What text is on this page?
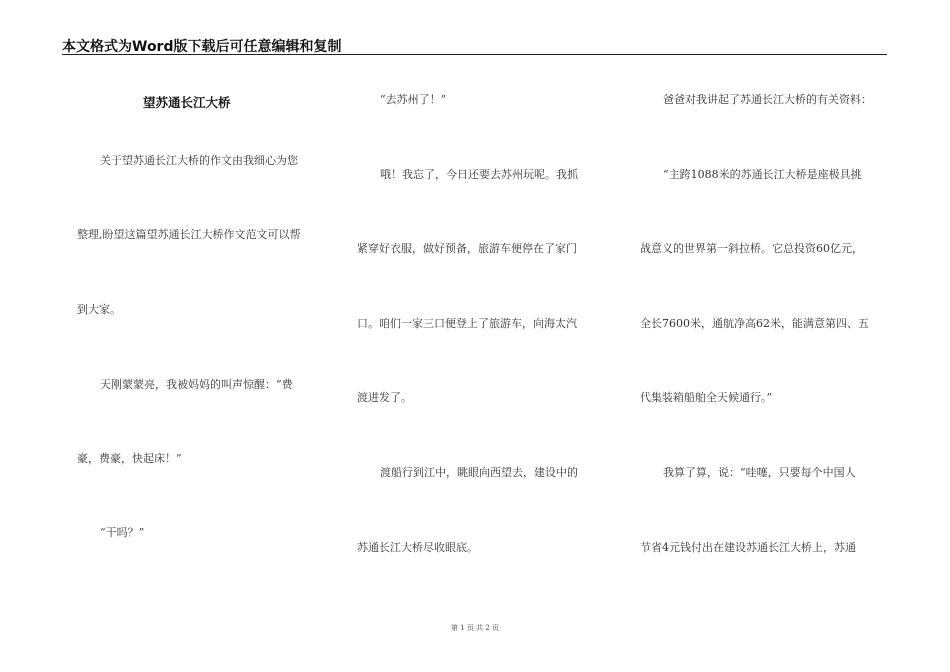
本文格式为Word版下载后可任意编辑和复制
望苏通长江大桥
关于望苏通长江大桥的作文由我细心为您
整理,盼望这篇望苏通长江大桥作文范文可以帮
到大家。
天刚蒙蒙亮，我被妈妈的叫声惊醒：“费
豪，费豪，快起床！”
“干吗？”
“去苏州了！”
哦！我忘了，今日还要去苏州玩呢。我抓
紧穿好衣服，做好预备，旅游车便停在了家门
口。咱们一家三口便登上了旅游车，向海太汽
渡进发了。
渡船行到江中，眺眼向西望去，建设中的
苏通长江大桥尽收眼底。
爸爸对我讲起了苏通长江大桥的有关资料：
“主跨1088米的苏通长江大桥是座极具挑
战意义的世界第一斜拉桥。它总投资60亿元，
全长7600米，通航净高62米，能满意第四、五
代集装箱船舶全天候通行。”
我算了算，说：“哇噻，只要每个中国人
节省4元钱付出在建设苏通长江大桥上，苏通
第 1 页 共 2 页
